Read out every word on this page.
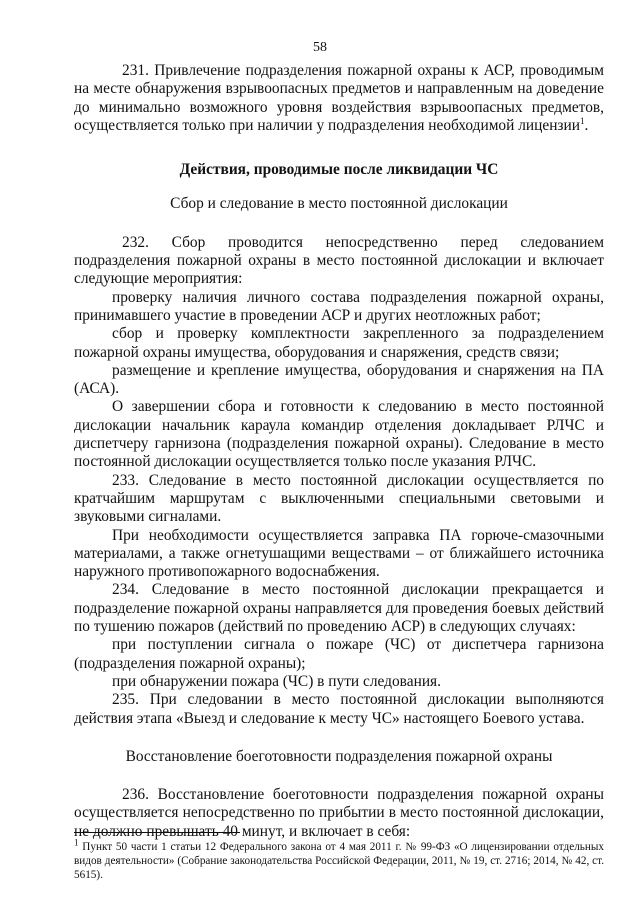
58

231. Привлечение подразделения пожарной охраны к АСР, проводимым на месте обнаружения взрывоопасных предметов и направленным на доведение до минимально возможного уровня воздействия взрывоопасных предметов, осуществляется только при наличии у подразделения необходимой лицензии$^1$.

Действия, проводимые после ликвидации ЧС

Сбор и следование в место постоянной дислокации

232. Сбор проводится непосредственно перед следованием подразделения пожарной охраны в место постоянной дислокации и включает следующие мероприятия:

проверку наличия личного состава подразделения пожарной охраны, принимавшего участие в проведении АСР и других неотложных работ;

сбор и проверку комплектности закрепленного за подразделением пожарной охраны имущества, оборудования и снаряжения, средств связи;

размещение и крепление имущества, оборудования и снаряжения на ПА (АСА).

О завершении сбора и готовности к следованию в место постоянной дислокации начальник караула командир отделения докладывает РЛЧС и диспетчеру гарнизона (подразделения пожарной охраны). Следование в место постоянной дислокации осуществляется только после указания РЛЧС.

233. Следование в место постоянной дислокации осуществляется по кратчайшим маршрутам с выключенными специальными световыми и звуковыми сигналами.

При необходимости осуществляется заправка ПА горюче-смазочными материалами, а также огнетушащими веществами – от ближайшего источника наружного противопожарного водоснабжения.

234. Следование в место постоянной дислокации прекращается и подразделение пожарной охраны направляется для проведения боевых действий по тушению пожаров (действий по проведению АСР) в следующих случаях:

при поступлении сигнала о пожаре (ЧС) от диспетчера гарнизона (подразделения пожарной охраны);

при обнаружении пожара (ЧС) в пути следования.

235. При следовании в место постоянной дислокации выполняются действия этапа «Выезд и следование к месту ЧС» настоящего Боевого устава.

Восстановление боеготовности подразделения пожарной охраны

236. Восстановление боеготовности подразделения пожарной охраны осуществляется непосредственно по прибытии в место постоянной дислокации, не должно превышать 40 минут, и включает в себя:

$^1$ Пункт 50 части 1 статьи 12 Федерального закона от 4 мая 2011 г. № 99-ФЗ «О лицензировании отдельных видов деятельности» (Собрание законодательства Российской Федерации, 2011, № 19, ст. 2716; 2014, № 42, ст. 5615).
